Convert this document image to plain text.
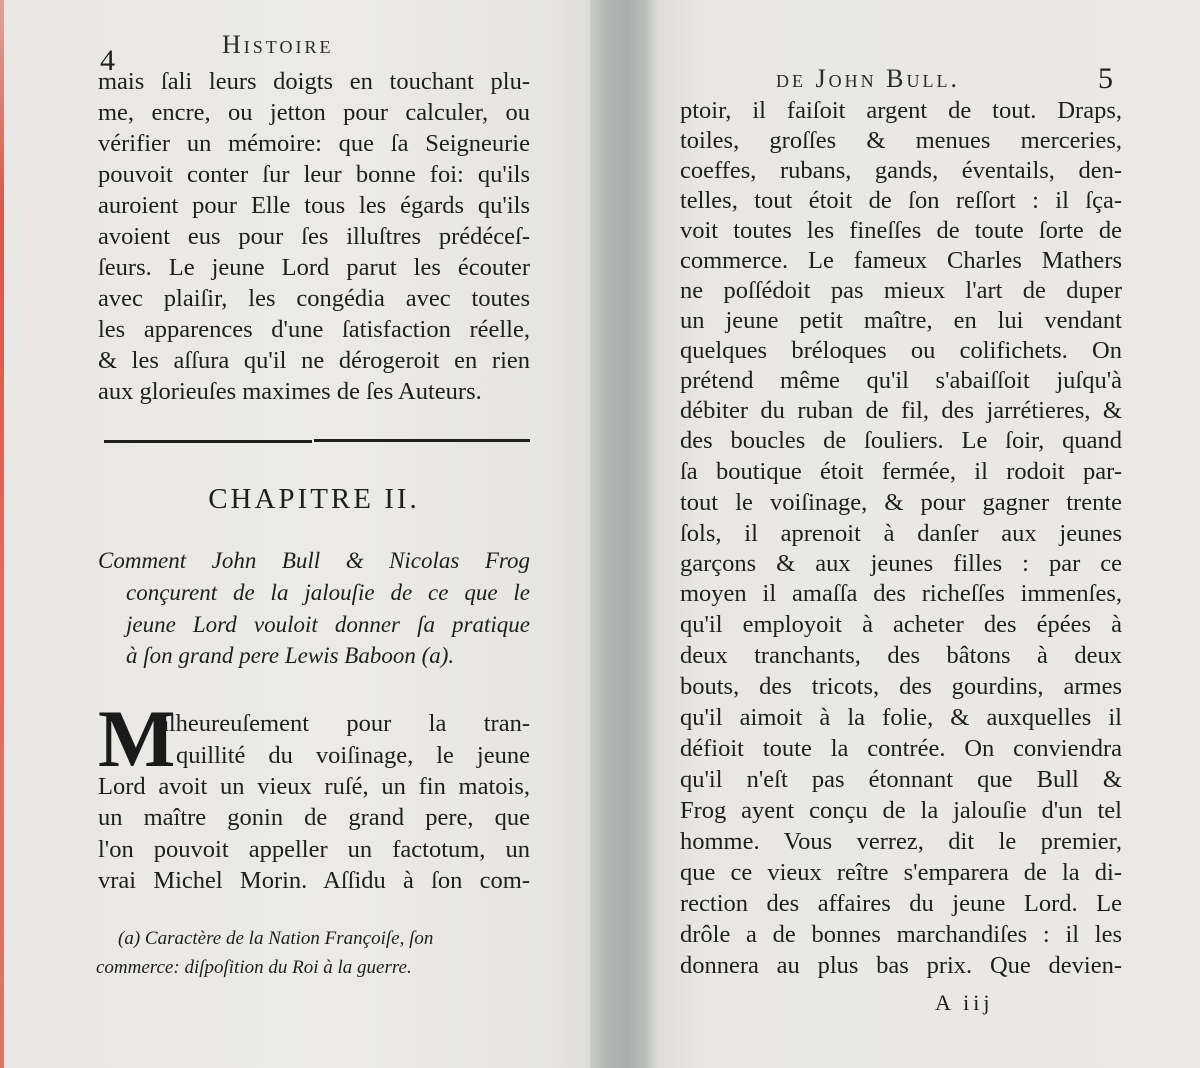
4	Histoire
mais ſali leurs doigts en touchant plu-
me, encre, ou jetton pour calculer, ou
vérifier un mémoire: que ſa Seigneurie
pouvoit conter ſur leur bonne foi: qu'ils
auroient pour Elle tous les égards qu'ils
avoient eus pour ſes illuſtres prédéceſ-
ſeurs. Le jeune Lord parut les écouter
avec plaiſir, les congédia avec toutes
les apparences d'une ſatisfaction réelle,
& les aſſura qu'il ne dérogeroit en rien
aux glorieuſes maximes de ſes Auteurs.
CHAPITRE II.
Comment John Bull & Nicolas Frog
conçurent de la jalouſie de ce que le
jeune Lord vouloit donner ſa pratique
à ſon grand pere Lewis Baboon (a).
M
alheureuſement pour la tran-
quillité du voiſinage, le jeune
Lord avoit un vieux ruſé, un fin matois,
un maître gonin de grand pere, que
l'on pouvoit appeller un factotum, un
vrai Michel Morin. Aſſidu à ſon com-
(a) Caractère de la Nation Françoiſe, ſon
commerce: diſpoſition du Roi à la guerre.
de John Bull.	5
ptoir, il faiſoit argent de tout. Draps,
toiles, groſſes & menues merceries,
coeffes, rubans, gands, éventails, den-
telles, tout étoit de ſon reſſort : il ſça-
voit toutes les fineſſes de toute ſorte de
commerce. Le fameux Charles Mathers
ne poſſédoit pas mieux l'art de duper
un jeune petit maître, en lui vendant
quelques bréloques ou colifichets. On
prétend même qu'il s'abaiſſoit juſqu'à
débiter du ruban de fil, des jarrétieres, &
des boucles de ſouliers. Le ſoir, quand
ſa boutique étoit fermée, il rodoit par-
tout le voiſinage, & pour gagner trente
ſols, il aprenoit à danſer aux jeunes
garçons & aux jeunes filles : par ce
moyen il amaſſa des richeſſes immenſes,
qu'il employoit à acheter des épées à
deux tranchants, des bâtons à deux
bouts, des tricots, des gourdins, armes
qu'il aimoit à la folie, & auxquelles il
défioit toute la contrée. On conviendra
qu'il n'eſt pas étonnant que Bull &
Frog ayent conçu de la jalouſie d'un tel
homme. Vous verrez, dit le premier,
que ce vieux reître s'emparera de la di-
rection des affaires du jeune Lord. Le
drôle a de bonnes marchandiſes : il les
donnera au plus bas prix. Que devien-
A iij
